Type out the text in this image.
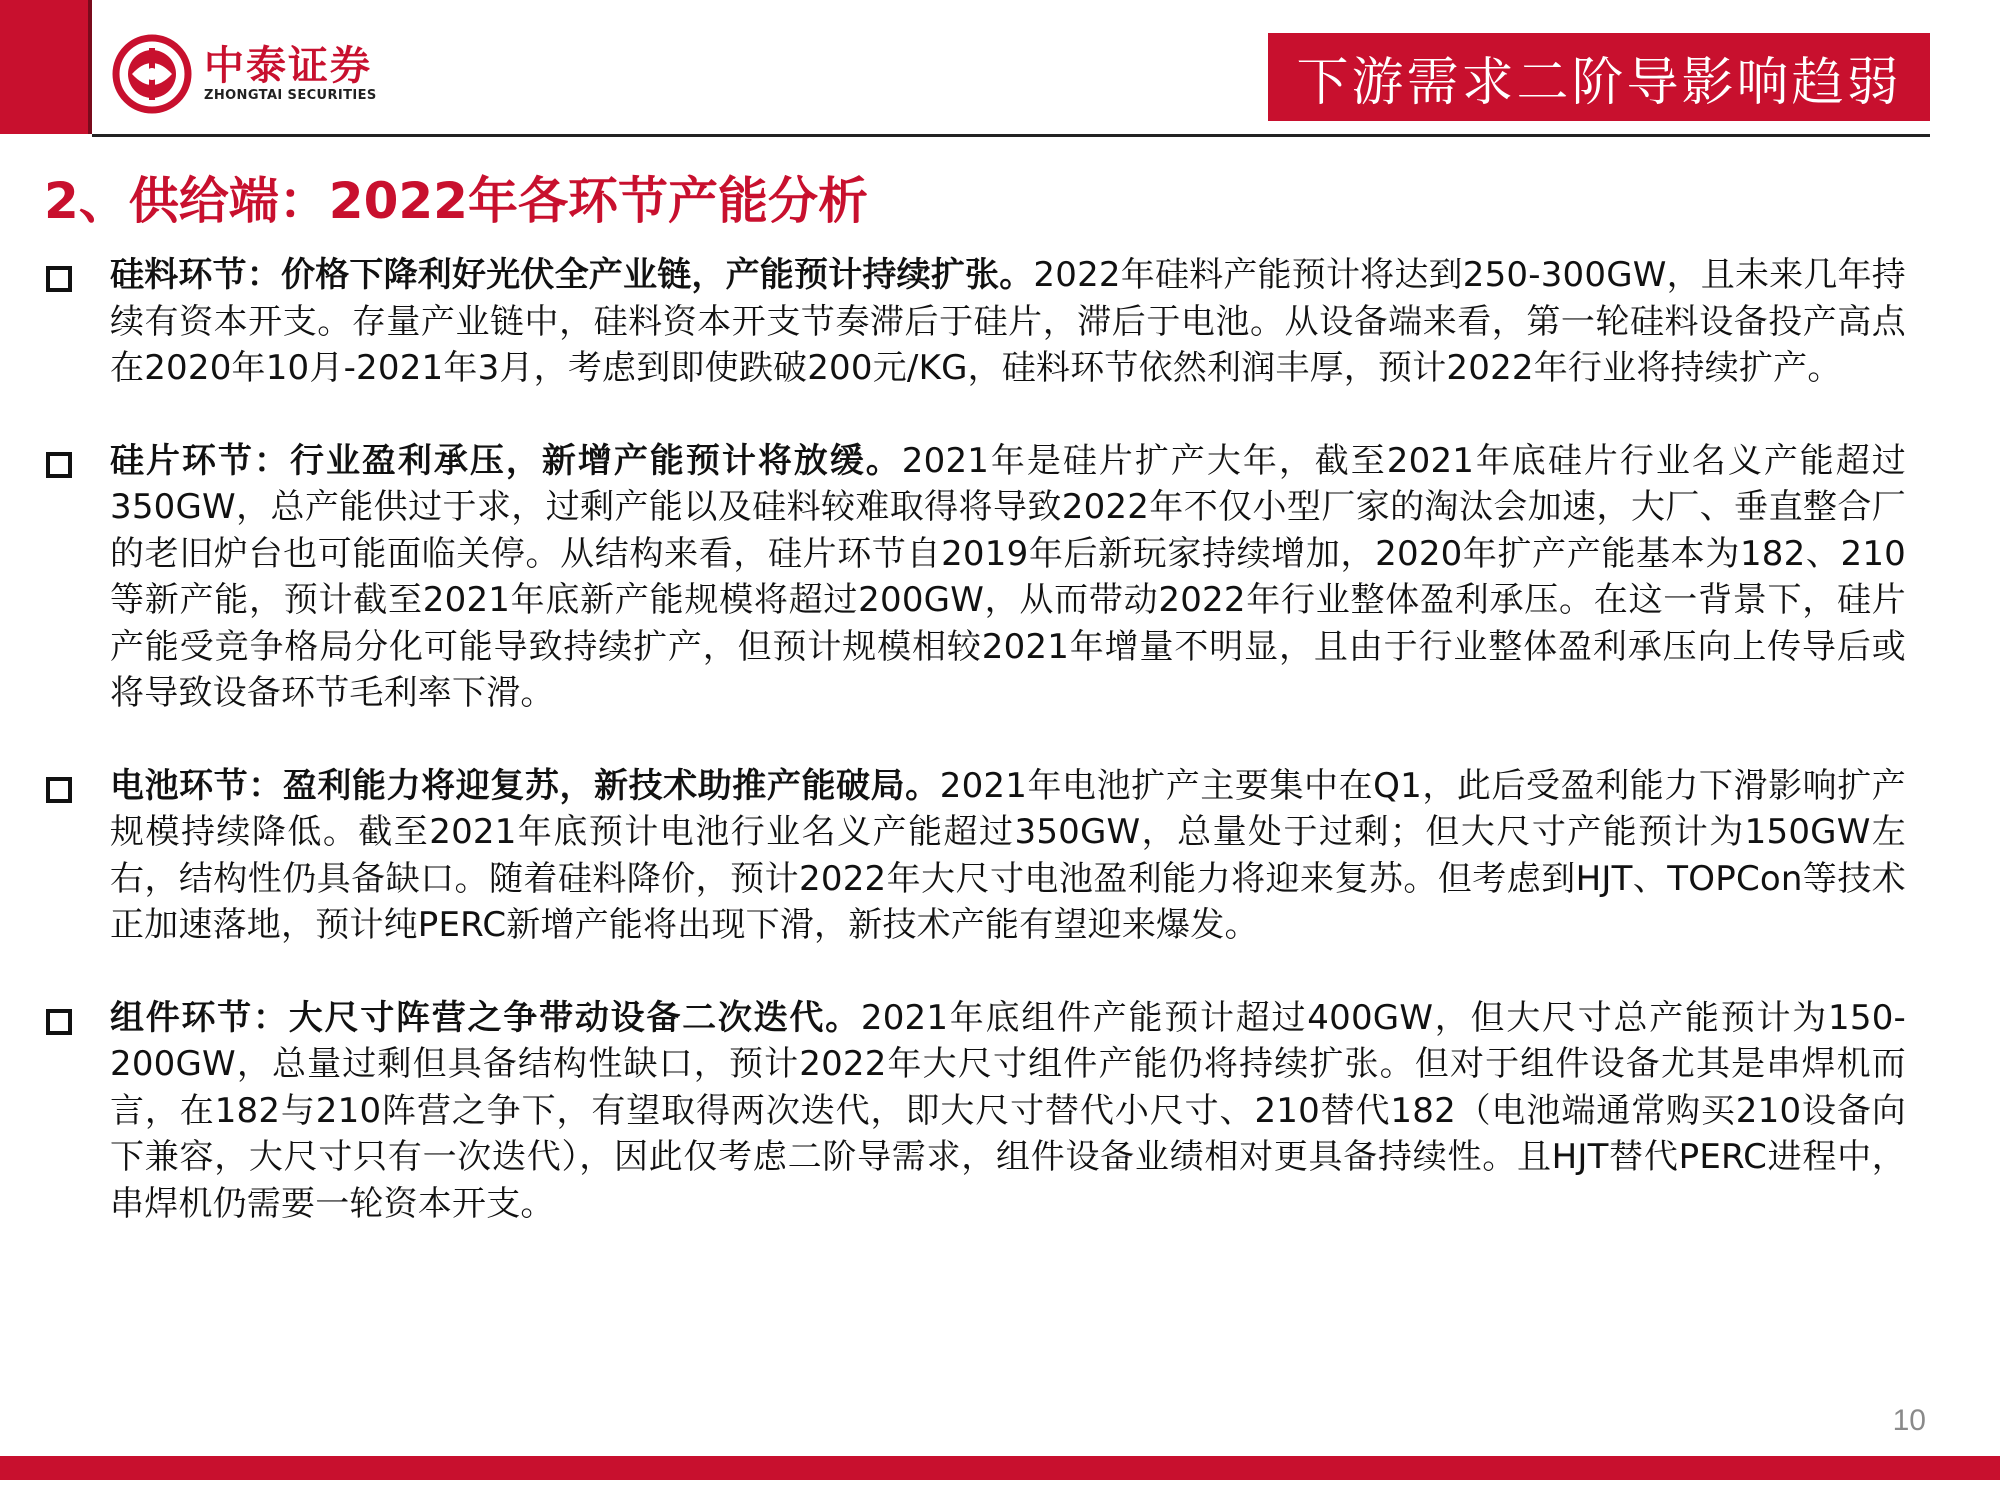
中泰证券
ZHONGTAI SECURITIES	下游需求二阶导影响趋弱
2、供给端：2022年各环节产能分析
硅料环节：价格下降利好光伏全产业链，产能预计持续扩张。2022年硅料产能预计将达到250-300GW，且未来几年持续有资本开支。存量产业链中，硅料资本开支节奏滞后于硅片，滞后于电池。从设备端来看，第一轮硅料设备投产高点在2020年10月-2021年3月，考虑到即使跌破200元/KG，硅料环节依然利润丰厚，预计2022年行业将持续扩产。
硅片环节：行业盈利承压，新增产能预计将放缓。2021年是硅片扩产大年，截至2021年底硅片行业名义产能超过350GW，总产能供过于求，过剩产能以及硅料较难取得将导致2022年不仅小型厂家的淘汰会加速，大厂、垂直整合厂的老旧炉台也可能面临关停。从结构来看，硅片环节自2019年后新玩家持续增加，2020年扩产产能基本为182、210等新产能，预计截至2021年底新产能规模将超过200GW，从而带动2022年行业整体盈利承压。在这一背景下，硅片产能受竞争格局分化可能导致持续扩产，但预计规模相较2021年增量不明显，且由于行业整体盈利承压向上传导后或将导致设备环节毛利率下滑。
电池环节：盈利能力将迎复苏，新技术助推产能破局。2021年电池扩产主要集中在Q1，此后受盈利能力下滑影响扩产规模持续降低。截至2021年底预计电池行业名义产能超过350GW，总量处于过剩；但大尺寸产能预计为150GW左右，结构性仍具备缺口。随着硅料降价，预计2022年大尺寸电池盈利能力将迎来复苏。但考虑到HJT、TOPCon等技术正加速落地，预计纯PERC新增产能将出现下滑，新技术产能有望迎来爆发。
组件环节：大尺寸阵营之争带动设备二次迭代。2021年底组件产能预计超过400GW，但大尺寸总产能预计为150-200GW，总量过剩但具备结构性缺口，预计2022年大尺寸组件产能仍将持续扩张。但对于组件设备尤其是串焊机而言，在182与210阵营之争下，有望取得两次迭代，即大尺寸替代小尺寸、210替代182（电池端通常购买210设备向下兼容，大尺寸只有一次迭代），因此仅考虑二阶导需求，组件设备业绩相对更具备持续性。且HJT替代PERC进程中，串焊机仍需要一轮资本开支。
10
